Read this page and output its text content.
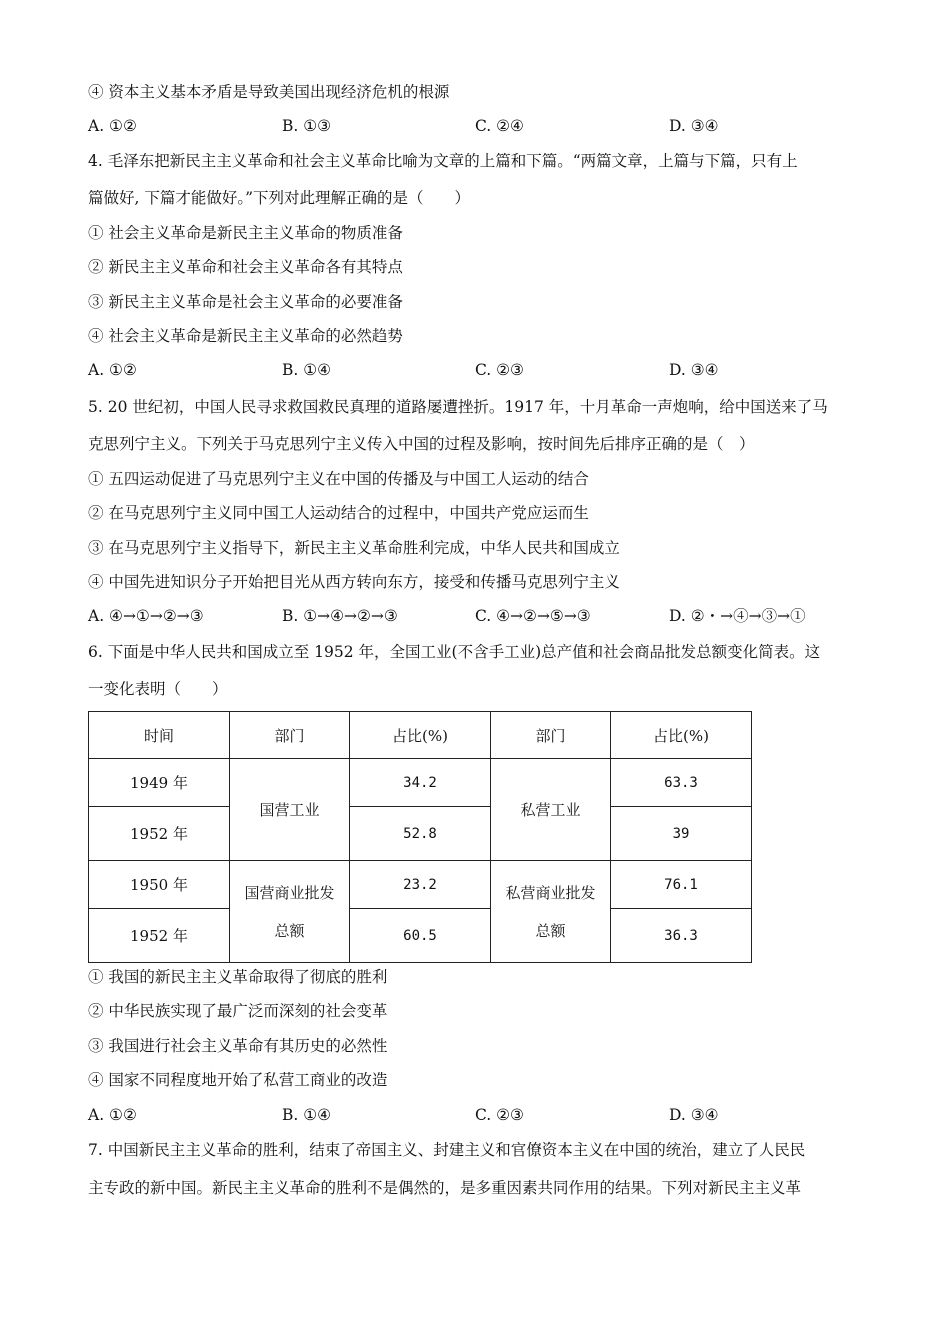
④ 资本主义基本矛盾是导致美国出现经济危机的根源
A. ①②	B. ①③	C. ②④	D. ③④
4. 毛泽东把新民主主义革命和社会主义革命比喻为文章的上篇和下篇。“两篇文章，上篇与下篇，只有上
篇做好, 下篇才能做好。”下列对此理解正确的是（　　）
① 社会主义革命是新民主主义革命的物质准备
② 新民主主义革命和社会主义革命各有其特点
③ 新民主主义革命是社会主义革命的必要准备
④ 社会主义革命是新民主主义革命的必然趋势
A. ①②	B. ①④	C. ②③	D. ③④
5. 20 世纪初，中国人民寻求救国救民真理的道路屡遭挫折。1917 年，十月革命一声炮响，给中国送来了马
克思列宁主义。下列关于马克思列宁主义传入中国的过程及影响，按时间先后排序正确的是（　）
① 五四运动促进了马克思列宁主义在中国的传播及与中国工人运动的结合
② 在马克思列宁主义同中国工人运动结合的过程中，中国共产党应运而生
③ 在马克思列宁主义指导下，新民主主义革命胜利完成，中华人民共和国成立
④ 中国先进知识分子开始把目光从西方转向东方，接受和传播马克思列宁主义
A. ④→①→②→③	B. ①→④→②→③	C. ④→②→⑤→③	D. ②・→④→③→①
6. 下面是中华人民共和国成立至 1952 年，全国工业(不含手工业)总产值和社会商品批发总额变化简表。这
一变化表明（　　）
时间	部门	占比(%)	部门	占比(%)
1949 年	国营工业	34.2	私营工业	63.3
1952 年		52.8		39
1950 年	国营商业批发总额	23.2	私营商业批发总额	76.1
1952 年		60.5		36.3
① 我国的新民主主义革命取得了彻底的胜利
② 中华民族实现了最广泛而深刻的社会变革
③ 我国进行社会主义革命有其历史的必然性
④ 国家不同程度地开始了私营工商业的改造
A. ①②	B. ①④	C. ②③	D. ③④
7. 中国新民主主义革命的胜利，结束了帝国主义、封建主义和官僚资本主义在中国的统治，建立了人民民
主专政的新中国。新民主主义革命的胜利不是偶然的，是多重因素共同作用的结果。下列对新民主主义革
